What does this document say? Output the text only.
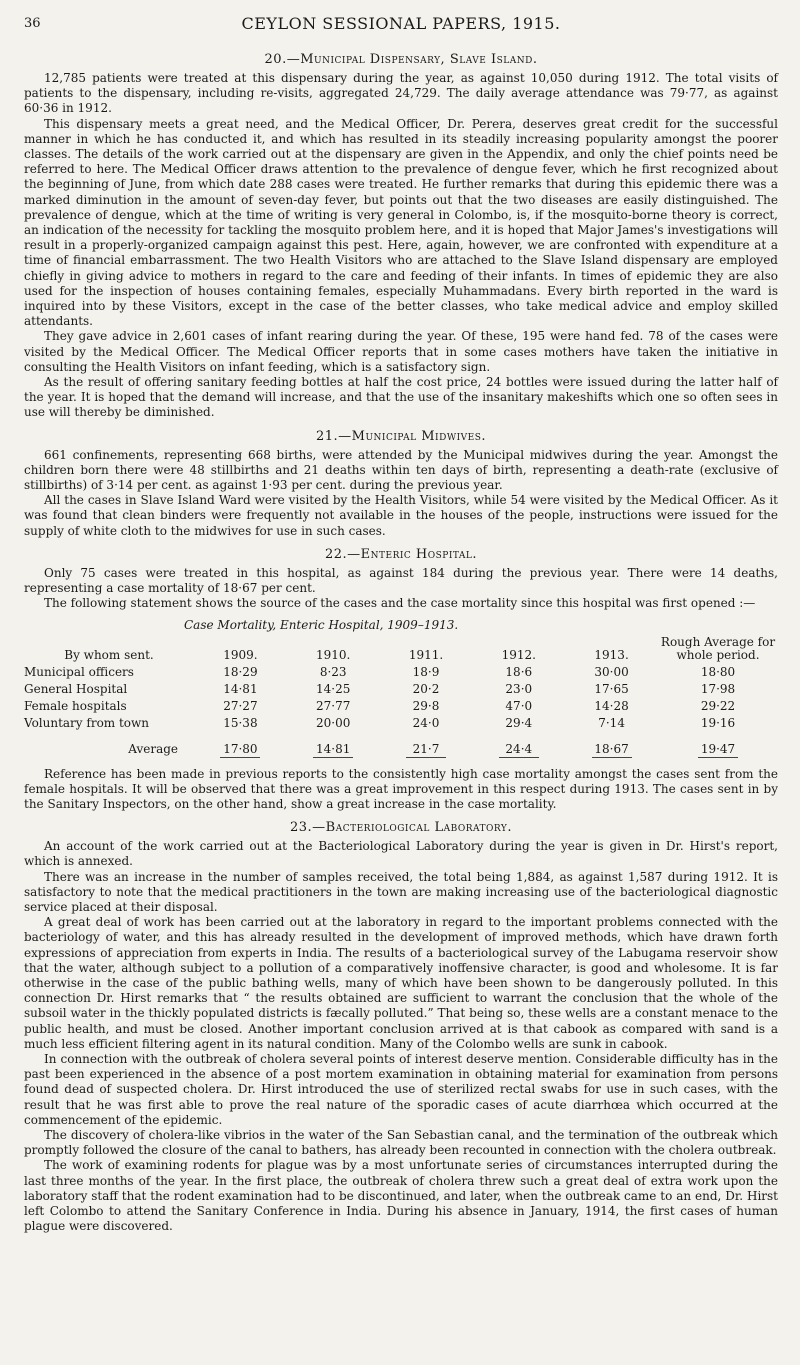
36	CEYLON SESSIONAL PAPERS, 1915.
20.—Municipal Dispensary, Slave Island.

12,785 patients were treated at this dispensary during the year, as against 10,050 during 1912. The total visits of patients to the dispensary, including re-visits, aggregated 24,729. The daily average attendance was 79·77, as against 60·36 in 1912.

This dispensary meets a great need, and the Medical Officer, Dr. Perera, deserves great credit for the successful manner in which he has conducted it, and which has resulted in its steadily increasing popularity amongst the poorer classes. The details of the work carried out at the dispensary are given in the Appendix, and only the chief points need be referred to here. The Medical Officer draws attention to the prevalence of dengue fever, which he first recognized about the beginning of June, from which date 288 cases were treated. He further remarks that during this epidemic there was a marked diminution in the amount of seven-day fever, but points out that the two diseases are easily distinguished. The prevalence of dengue, which at the time of writing is very general in Colombo, is, if the mosquito-borne theory is correct, an indication of the necessity for tackling the mosquito problem here, and it is hoped that Major James's investigations will result in a properly-organized campaign against this pest. Here, again, however, we are confronted with expenditure at a time of financial embarrassment. The two Health Visitors who are attached to the Slave Island dispensary are employed chiefly in giving advice to mothers in regard to the care and feeding of their infants. In times of epidemic they are also used for the inspection of houses containing females, especially Muhammadans. Every birth reported in the ward is inquired into by these Visitors, except in the case of the better classes, who take medical advice and employ skilled attendants.

They gave advice in 2,601 cases of infant rearing during the year. Of these, 195 were hand fed. 78 of the cases were visited by the Medical Officer. The Medical Officer reports that in some cases mothers have taken the initiative in consulting the Health Visitors on infant feeding, which is a satisfactory sign.

As the result of offering sanitary feeding bottles at half the cost price, 24 bottles were issued during the latter half of the year. It is hoped that the demand will increase, and that the use of the insanitary makeshifts which one so often sees in use will thereby be diminished.

21.—Municipal Midwives.

661 confinements, representing 668 births, were attended by the Municipal midwives during the year. Amongst the children born there were 48 stillbirths and 21 deaths within ten days of birth, representing a death-rate (exclusive of stillbirths) of 3·14 per cent. as against 1·93 per cent. during the previous year.

All the cases in Slave Island Ward were visited by the Health Visitors, while 54 were visited by the Medical Officer. As it was found that clean binders were frequently not available in the houses of the people, instructions were issued for the supply of white cloth to the midwives for use in such cases.

22.—Enteric Hospital.

Only 75 cases were treated in this hospital, as against 184 during the previous year. There were 14 deaths, representing a case mortality of 18·67 per cent.

The following statement shows the source of the cases and the case mortality since this hospital was first opened :—

Case Mortality, Enteric Hospital, 1909–1913.
By whom sent.	1909.	1910.	1911.	1912.	1913.	Rough Average for whole period.
Municipal officers	18·29	8·23	18·9	18·6	30·00	18·80
General Hospital	14·81	14·25	20·2	23·0	17·65	17·98
Female hospitals	27·27	27·77	29·8	47·0	14·28	29·22
Voluntary from town	15·38	20·00	24·0	29·4	7·14	19·16
Average	17·80	14·81	21·7	24·4	18·67	19·47

Reference has been made in previous reports to the consistently high case mortality amongst the cases sent from the female hospitals. It will be observed that there was a great improvement in this respect during 1913. The cases sent in by the Sanitary Inspectors, on the other hand, show a great increase in the case mortality.

23.—Bacteriological Laboratory.

An account of the work carried out at the Bacteriological Laboratory during the year is given in Dr. Hirst's report, which is annexed.

There was an increase in the number of samples received, the total being 1,884, as against 1,587 during 1912. It is satisfactory to note that the medical practitioners in the town are making increasing use of the bacteriological diagnostic service placed at their disposal.

A great deal of work has been carried out at the laboratory in regard to the important problems connected with the bacteriology of water, and this has already resulted in the development of improved methods, which have drawn forth expressions of appreciation from experts in India. The results of a bacteriological survey of the Labugama reservoir show that the water, although subject to a pollution of a comparatively inoffensive character, is good and wholesome. It is far otherwise in the case of the public bathing wells, many of which have been shown to be dangerously polluted. In this connection Dr. Hirst remarks that “ the results obtained are sufficient to warrant the conclusion that the whole of the subsoil water in the thickly populated districts is fæcally polluted.” That being so, these wells are a constant menace to the public health, and must be closed. Another important conclusion arrived at is that cabook as compared with sand is a much less efficient filtering agent in its natural condition. Many of the Colombo wells are sunk in cabook.

In connection with the outbreak of cholera several points of interest deserve mention. Considerable difficulty has in the past been experienced in the absence of a post mortem examination in obtaining material for examination from persons found dead of suspected cholera. Dr. Hirst introduced the use of sterilized rectal swabs for use in such cases, with the result that he was first able to prove the real nature of the sporadic cases of acute diarrhœa which occurred at the commencement of the epidemic.

The discovery of cholera-like vibrios in the water of the San Sebastian canal, and the termination of the outbreak which promptly followed the closure of the canal to bathers, has already been recounted in connection with the cholera outbreak.

The work of examining rodents for plague was by a most unfortunate series of circumstances interrupted during the last three months of the year. In the first place, the outbreak of cholera threw such a great deal of extra work upon the laboratory staff that the rodent examination had to be discontinued, and later, when the outbreak came to an end, Dr. Hirst left Colombo to attend the Sanitary Conference in India. During his absence in January, 1914, the first cases of human plague were discovered.
